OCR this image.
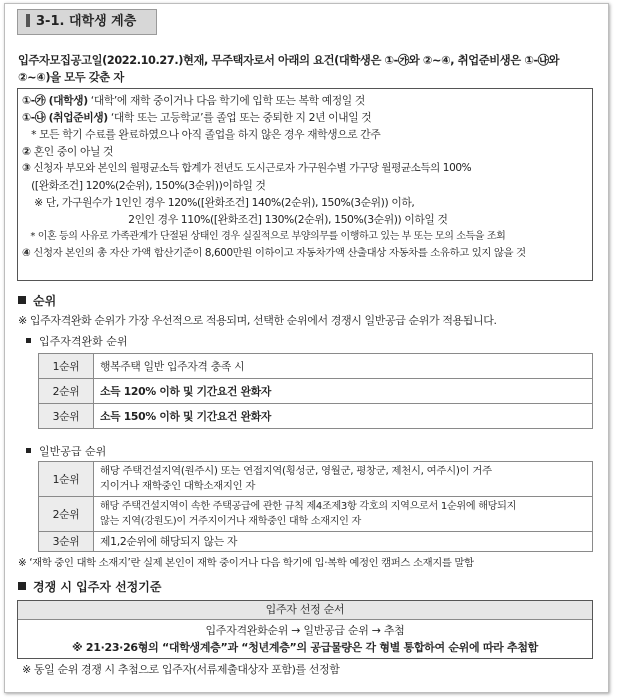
3-1. 대학생 계층
입주자모집공고일(2022.10.27.)현재, 무주택자로서 아래의 요건(대학생은 ①-㉮와 ②~④, 취업준비생은 ①-㉯와
②~④)을 모두 갖춘 자
①-㉮ (대학생) ‘대학’에 재학 중이거나 다음 학기에 입학 또는 복학 예정일 것
①-㉯ (취업준비생) ‘대학 또는 고등학교’를 졸업 또는 중퇴한 지 2년 이내일 것
* 모든 학기 수료를 완료하였으나 아직 졸업을 하지 않은 경우 재학생으로 간주
② 혼인 중이 아닐 것
③ 신청자 부모와 본인의 월평균소득 합계가 전년도 도시근로자 가구원수별 가구당 월평균소득의 100%
([완화조건] 120%(2순위), 150%(3순위))이하일 것
※ 단, 가구원수가 1인인 경우 120%([완화조건] 140%(2순위), 150%(3순위)) 이하,
2인인 경우 110%([완화조건] 130%(2순위), 150%(3순위)) 이하일 것
* 이혼 등의 사유로 가족관계가 단절된 상태인 경우 실질적으로 부양의무를 이행하고 있는 부 또는 모의 소득을 조회
④ 신청자 본인의 총 자산 가액 합산기준이 8,600만원 이하이고 자동차가액 산출대상 자동차를 소유하고 있지 않을 것
순위
※ 입주자격완화 순위가 가장 우선적으로 적용되며, 선택한 순위에서 경쟁시 일반공급 순위가 적용됩니다.
입주자격완화 순위
1순위	행복주택 일반 입주자격 충족 시
2순위	소득 120% 이하 및 기간요건 완화자
3순위	소득 150% 이하 및 기간요건 완화자
일반공급 순위
1순위	해당 주택건설지역(원주시) 또는 연접지역(횡성군, 영월군, 평창군, 제천시, 여주시)이 거주
지이거나 재학중인 대학소재지인 자

2순위	해당 주택건설지역이 속한 주택공급에 관한 규칙 제4조제3항 각호의 지역으로서 1순위에 해당되지
않는 지역(강원도)이 거주지이거나 재학중인 대학 소재지인 자

3순위	제1,2순위에 해당되지 않는 자
※ ‘재학 중인 대학 소재지’란 실제 본인이 재학 중이거나 다음 학기에 입·복학 예정인 캠퍼스 소재지를 말함
경쟁 시 입주자 선정기준
입주자 선정 순서
입주자격완화순위 → 일반공급 순위 → 추첨
※ 21·23·26형의 “대학생계층”과 “청년계층”의 공급물량은 각 형별 통합하여 순위에 따라 추첨함
※ 동일 순위 경쟁 시 추첨으로 입주자(서류제출대상자 포함)를 선정함
